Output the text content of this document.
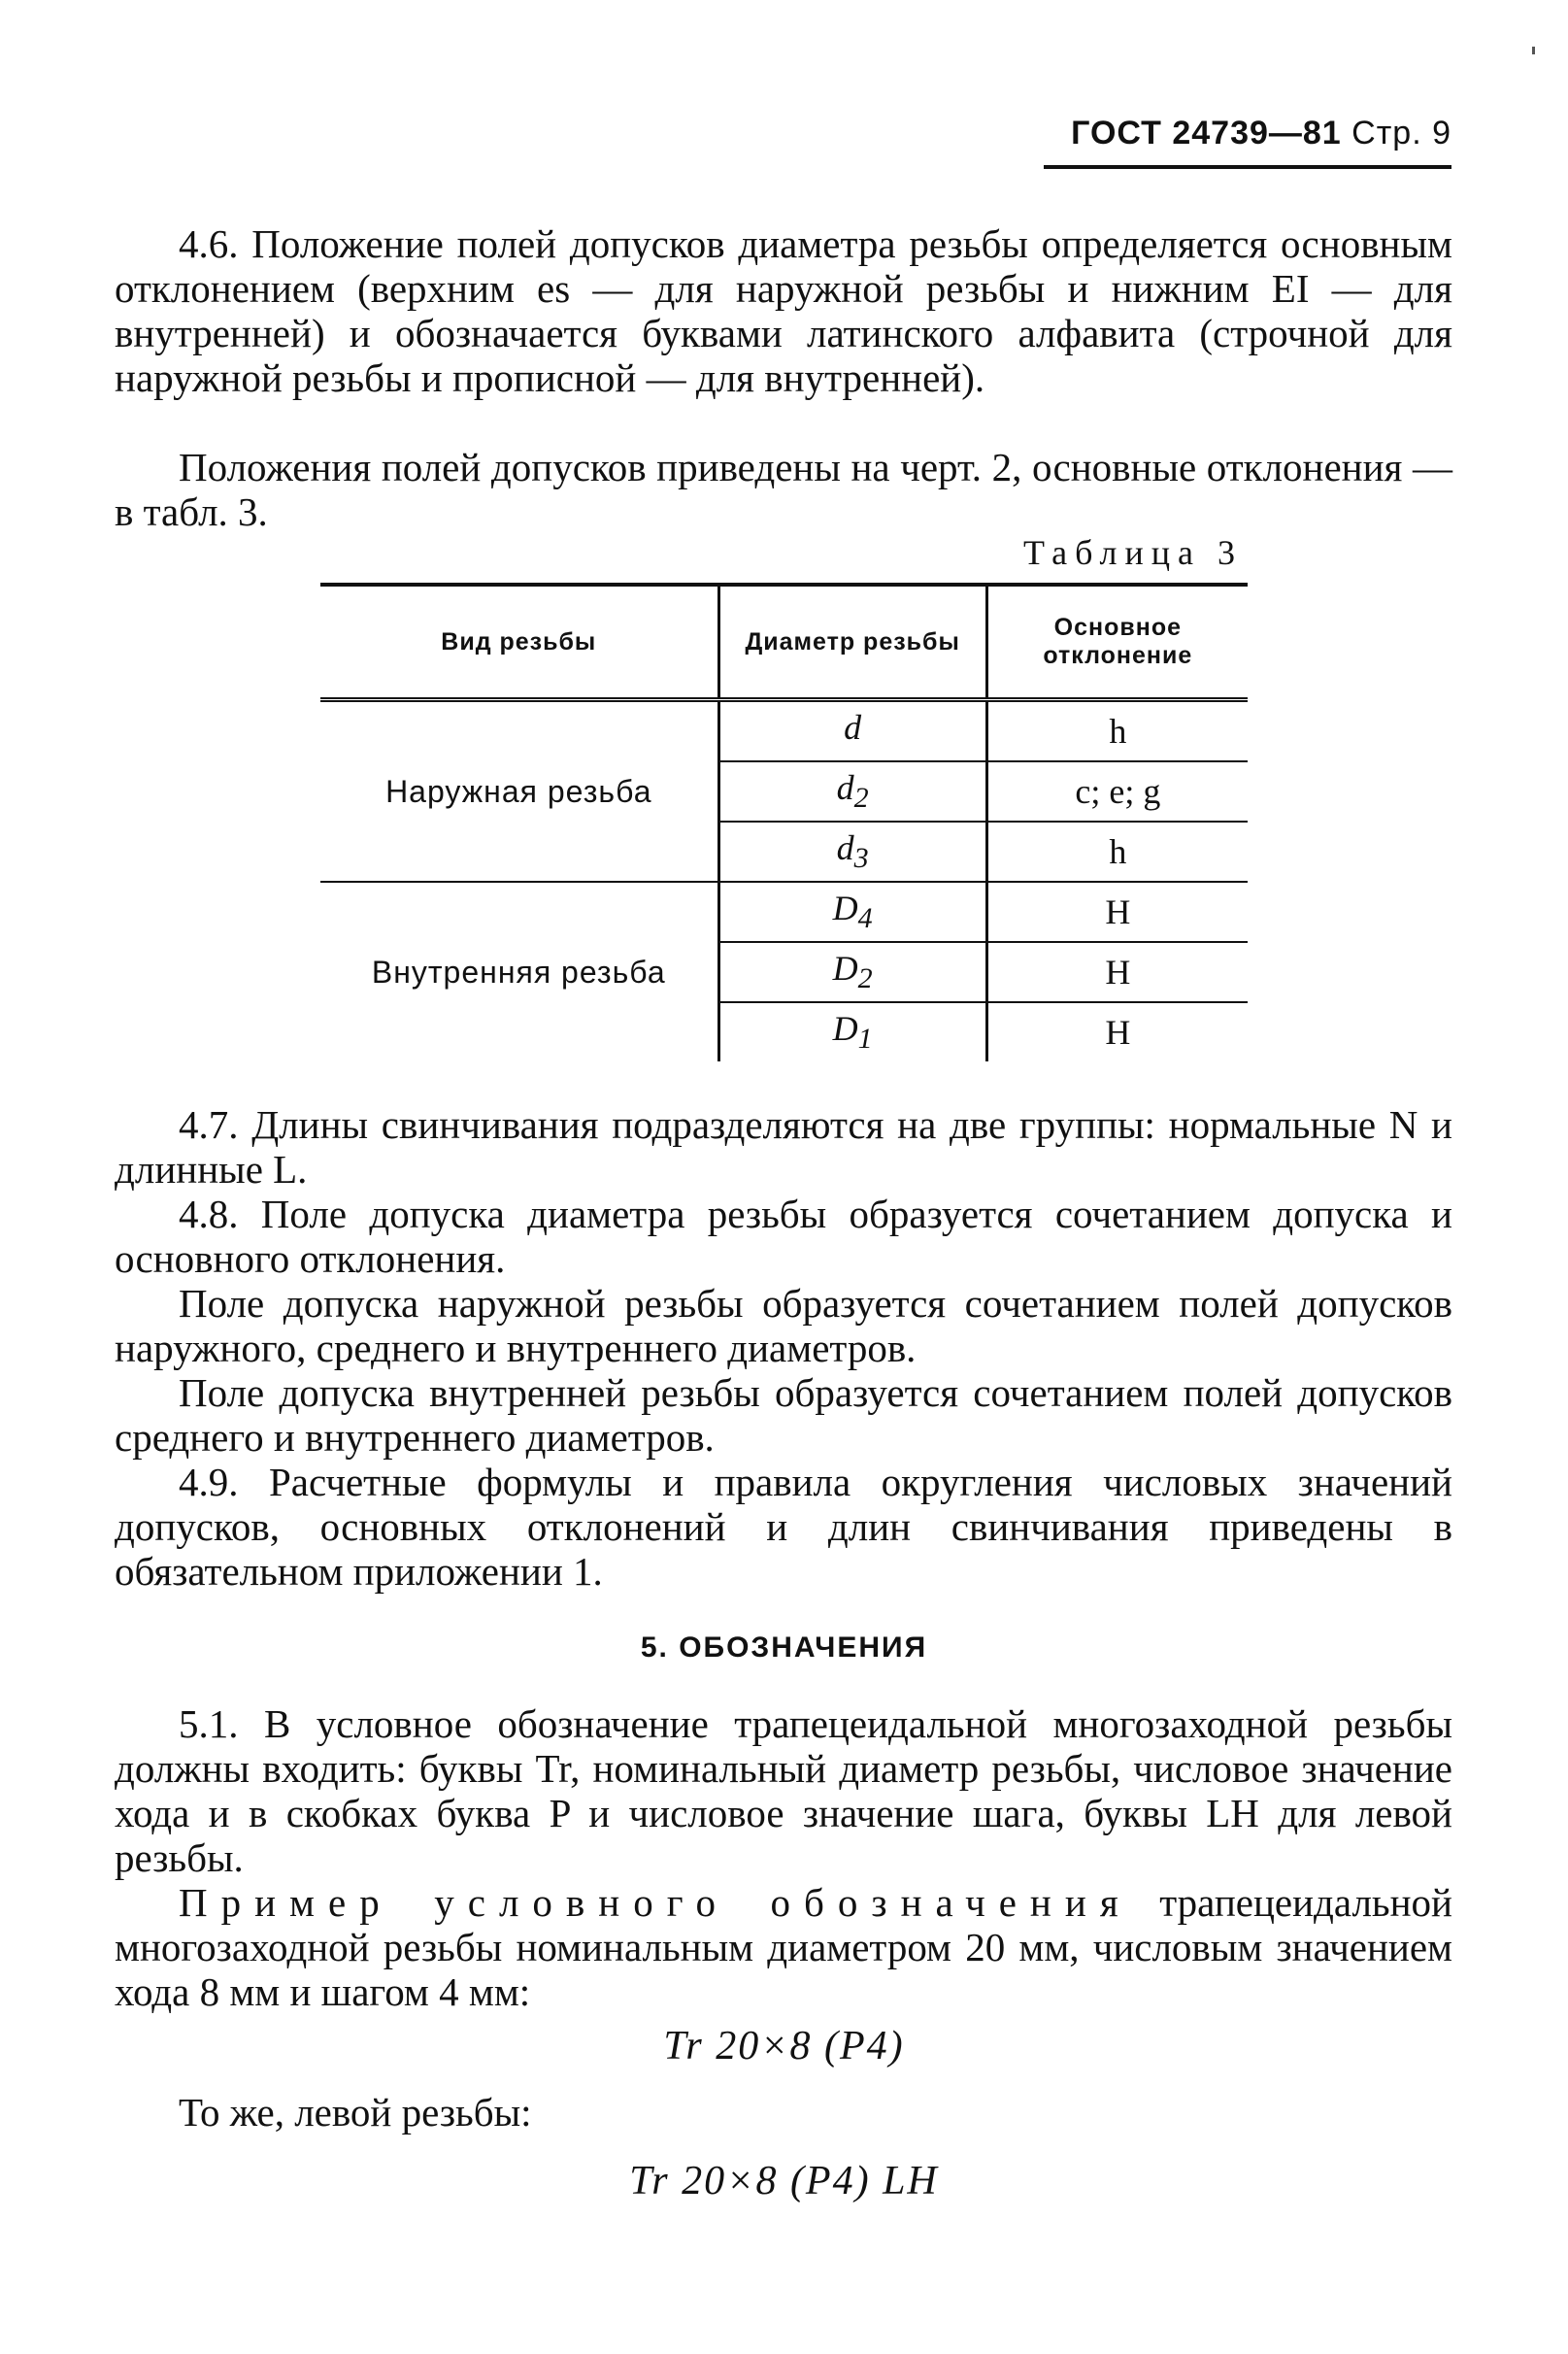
ГОСТ 24739—81 Стр. 9
4.6. Положение полей допусков диаметра резьбы определяется основным отклонением (верхним es — для наружной резьбы и нижним EI — для внутренней) и обозначается буквами латинского алфавита (строчной для наружной резьбы и прописной — для внутренней).
Положения полей допусков приведены на черт. 2, основные отклонения — в табл. 3.
Таблица 3
Вид резьбы	Диаметр резьбы	Основное отклонение
Наружная резьба	d	h
	$d_2$	c; e; g
	$d_3$	h
Внутренняя резьба	$D_4$	H
	$D_2$	H
	$D_1$	H
4.7. Длины свинчивания подразделяются на две группы: нормальные N и длинные L.
4.8. Поле допуска диаметра резьбы образуется сочетанием допуска и основного отклонения.
Поле допуска наружной резьбы образуется сочетанием полей допусков наружного, среднего и внутреннего диаметров.
Поле допуска внутренней резьбы образуется сочетанием полей допусков среднего и внутреннего диаметров.
4.9. Расчетные формулы и правила округления числовых значений допусков, основных отклонений и длин свинчивания приведены в обязательном приложении 1.
5. ОБОЗНАЧЕНИЯ
5.1. В условное обозначение трапецеидальной многозаходной резьбы должны входить: буквы Tr, номинальный диаметр резьбы, числовое значение хода и в скобках буква P и числовое значение шага, буквы LH для левой резьбы.
Пример условного обозначения трапецеидальной многозаходной резьбы номинальным диаметром 20 мм, числовым значением хода 8 мм и шагом 4 мм:
Tr 20×8 (P4)
То же, левой резьбы:
Tr 20×8 (P4) LH
